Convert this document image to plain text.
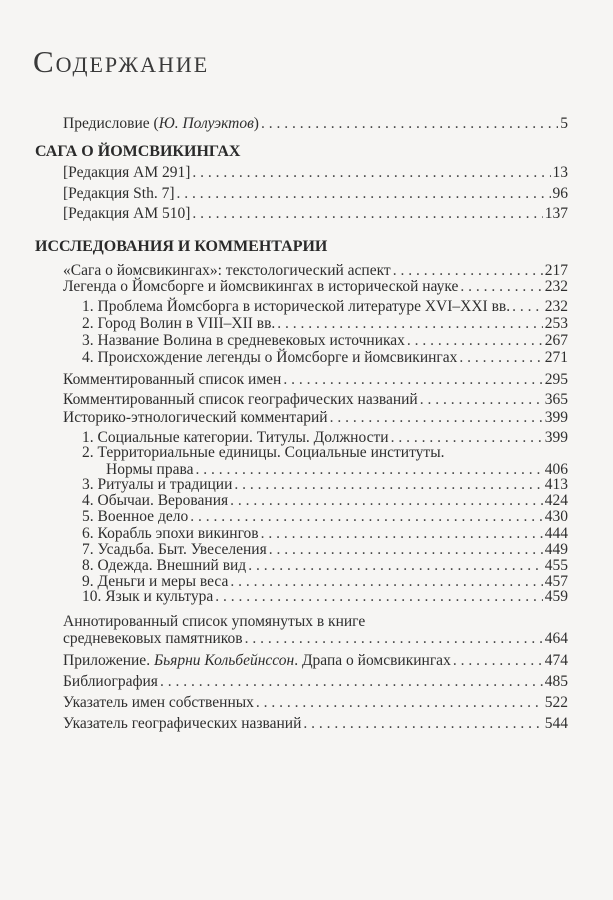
Содержание
Предисловие (Ю. Полуэктов) . . .	5
САГА О ЙОМСВИКИНГАХ
[Редакция AM 291] . . .	13
[Редакция Sth. 7] . . .	96
[Редакция AM 510] . . .	137
ИССЛЕДОВАНИЯ И КОММЕНТАРИИ
«Сага о йомсвикингах»: текстологический аспект . . .	217
Легенда о Йомсборге и йомсвикингах в исторической науке . . .	232
1. Проблема Йомсборга в исторической литературе XVI–XXI вв. . . . 232
2. Город Волин в VIII–XII вв. . . .	253
3. Название Волина в средневековых источниках . . .	267
4. Происхождение легенды о Йомсборге и йомсвикингах . . .	271
Комментированный список имен . . .	295
Комментированный список географических названий . . .	365
Историко-этнологический комментарий . . .	399
1. Социальные категории. Титулы. Должности . . .	399
2. Территориальные единицы. Социальные институты.
Нормы права . . .	406
3. Ритуалы и традиции . . .	413
4. Обычаи. Верования . . .	424
5. Военное дело . . .	430
6. Корабль эпохи викингов . . .	444
7. Усадьба. Быт. Увеселения . . .	449
8. Одежда. Внешний вид . . .	455
9. Деньги и меры веса . . .	457
10. Язык и культура . . .	459
Аннотированный список упомянутых в книге
средневековых памятников . . .	464
Приложение. Бьярни Кольбейнссон. Драпа о йомсвикингах . . .	474
Библиография . . .	485
Указатель имен собственных . . .	522
Указатель географических названий . . .	544
